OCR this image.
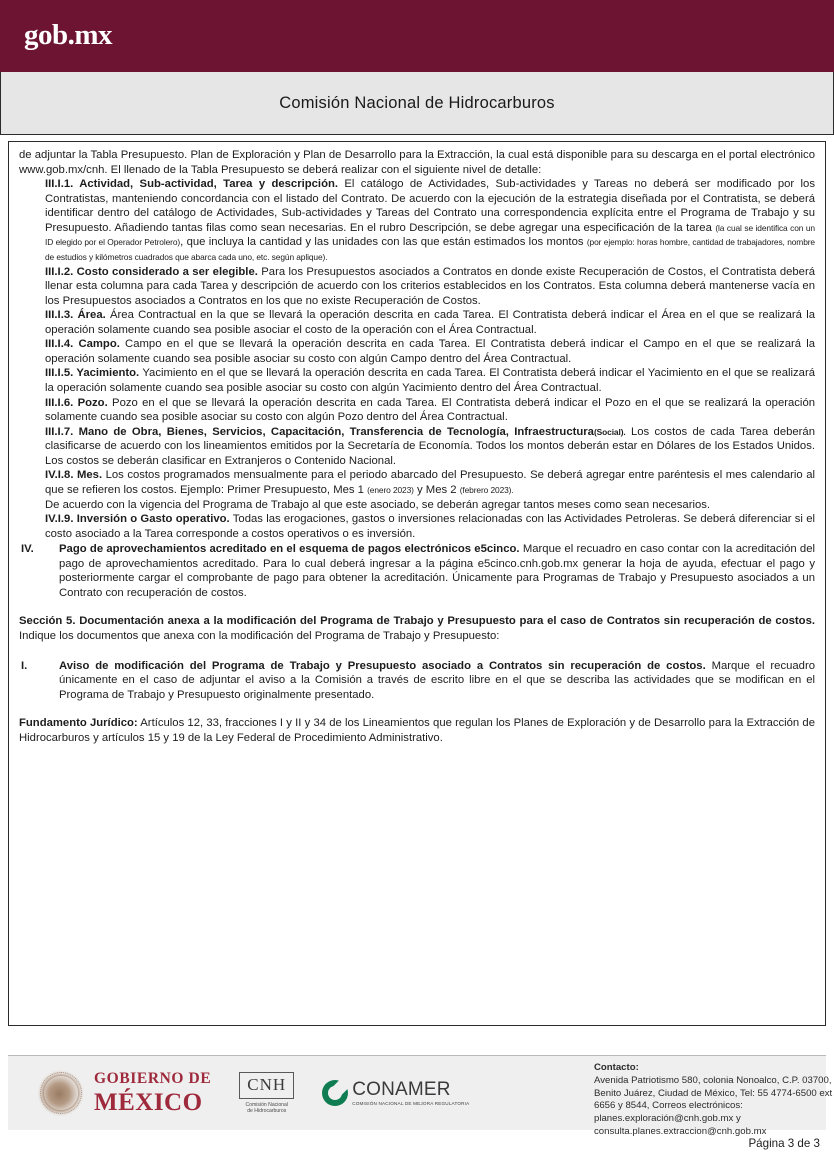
gob.mx
Comisión Nacional de Hidrocarburos

de adjuntar la Tabla Presupuesto. Plan de Exploración y Plan de Desarrollo para la Extracción, la cual está disponible para su descarga en el portal electrónico www.gob.mx/cnh. El llenado de la Tabla Presupuesto se deberá realizar con el siguiente nivel de detalle:

III.I.1. Actividad, Sub-actividad, Tarea y descripción. El catálogo de Actividades, Sub-actividades y Tareas no deberá ser modificado por los Contratistas, manteniendo concordancia con el listado del Contrato. De acuerdo con la ejecución de la estrategia diseñada por el Contratista, se deberá identificar dentro del catálogo de Actividades, Sub-actividades y Tareas del Contrato una correspondencia explícita entre el Programa de Trabajo y su Presupuesto. Añadiendo tantas filas como sean necesarias. En el rubro Descripción, se debe agregar una especificación de la tarea (la cual se identifica con un ID elegido por el Operador Petrolero), que incluya la cantidad y las unidades con las que están estimados los montos (por ejemplo: horas hombre, cantidad de trabajadores, nombre de estudios y kilómetros cuadrados que abarca cada uno, etc. según aplique).

III.I.2. Costo considerado a ser elegible. Para los Presupuestos asociados a Contratos en donde existe Recuperación de Costos, el Contratista deberá llenar esta columna para cada Tarea y descripción de acuerdo con los criterios establecidos en los Contratos. Esta columna deberá mantenerse vacía en los Presupuestos asociados a Contratos en los que no existe Recuperación de Costos.

III.I.3. Área. Área Contractual en la que se llevará la operación descrita en cada Tarea. El Contratista deberá indicar el Área en el que se realizará la operación solamente cuando sea posible asociar el costo de la operación con el Área Contractual.

III.I.4. Campo. Campo en el que se llevará la operación descrita en cada Tarea. El Contratista deberá indicar el Campo en el que se realizará la operación solamente cuando sea posible asociar su costo con algún Campo dentro del Área Contractual.

III.I.5. Yacimiento. Yacimiento en el que se llevará la operación descrita en cada Tarea. El Contratista deberá indicar el Yacimiento en el que se realizará la operación solamente cuando sea posible asociar su costo con algún Yacimiento dentro del Área Contractual.

III.I.6. Pozo. Pozo en el que se llevará la operación descrita en cada Tarea. El Contratista deberá indicar el Pozo en el que se realizará la operación solamente cuando sea posible asociar su costo con algún Pozo dentro del Área Contractual.

III.I.7. Mano de Obra, Bienes, Servicios, Capacitación, Transferencia de Tecnología, Infraestructura(Social). Los costos de cada Tarea deberán clasificarse de acuerdo con los lineamientos emitidos por la Secretaría de Economía. Todos los montos deberán estar en Dólares de los Estados Unidos. Los costos se deberán clasificar en Extranjeros o Contenido Nacional.

IV.I.8. Mes. Los costos programados mensualmente para el periodo abarcado del Presupuesto. Se deberá agregar entre paréntesis el mes calendario al que se refieren los costos. Ejemplo: Primer Presupuesto, Mes 1 (enero 2023) y Mes 2 (febrero 2023).

De acuerdo con la vigencia del Programa de Trabajo al que este asociado, se deberán agregar tantos meses como sean necesarios.

IV.I.9. Inversión o Gasto operativo. Todas las erogaciones, gastos o inversiones relacionadas con las Actividades Petroleras. Se deberá diferenciar si el costo asociado a la Tarea corresponde a costos operativos o es inversión.

IV.	Pago de aprovechamientos acreditado en el esquema de pagos electrónicos e5cinco. Marque el recuadro en caso contar con la acreditación del pago de aprovechamientos acreditado. Para lo cual deberá ingresar a la página e5cinco.cnh.gob.mx generar la hoja de ayuda, efectuar el pago y posteriormente cargar el comprobante de pago para obtener la acreditación. Únicamente para Programas de Trabajo y Presupuesto asociados a un Contrato con recuperación de costos.

Sección 5. Documentación anexa a la modificación del Programa de Trabajo y Presupuesto para el caso de Contratos sin recuperación de costos. Indique los documentos que anexa con la modificación del Programa de Trabajo y Presupuesto:

I.	Aviso de modificación del Programa de Trabajo y Presupuesto asociado a Contratos sin recuperación de costos. Marque el recuadro únicamente en el caso de adjuntar el aviso a la Comisión a través de escrito libre en el que se describa las actividades que se modifican en el Programa de Trabajo y Presupuesto originalmente presentado.

Fundamento Jurídico: Artículos 12, 33, fracciones I y II y 34 de los Lineamientos que regulan los Planes de Exploración y de Desarrollo para la Extracción de Hidrocarburos y artículos 15 y 19 de la Ley Federal de Procedimiento Administrativo.

GOBIERNO DE
MÉXICO
CNH
Comisión Nacional
de Hidrocarburos
CONAMER
COMISIÓN NACIONAL DE MEJORA REGULATORIA
Contacto:
Avenida Patriotismo 580, colonia Nonoalco, C.P. 03700, Benito Juárez, Ciudad de México, Tel: 55 4774-6500 ext 6656 y 8544, Correos electrónicos: planes.exploración@cnh.gob.mx y consulta.planes.extraccion@cnh.gob.mx
Página 3 de 3
